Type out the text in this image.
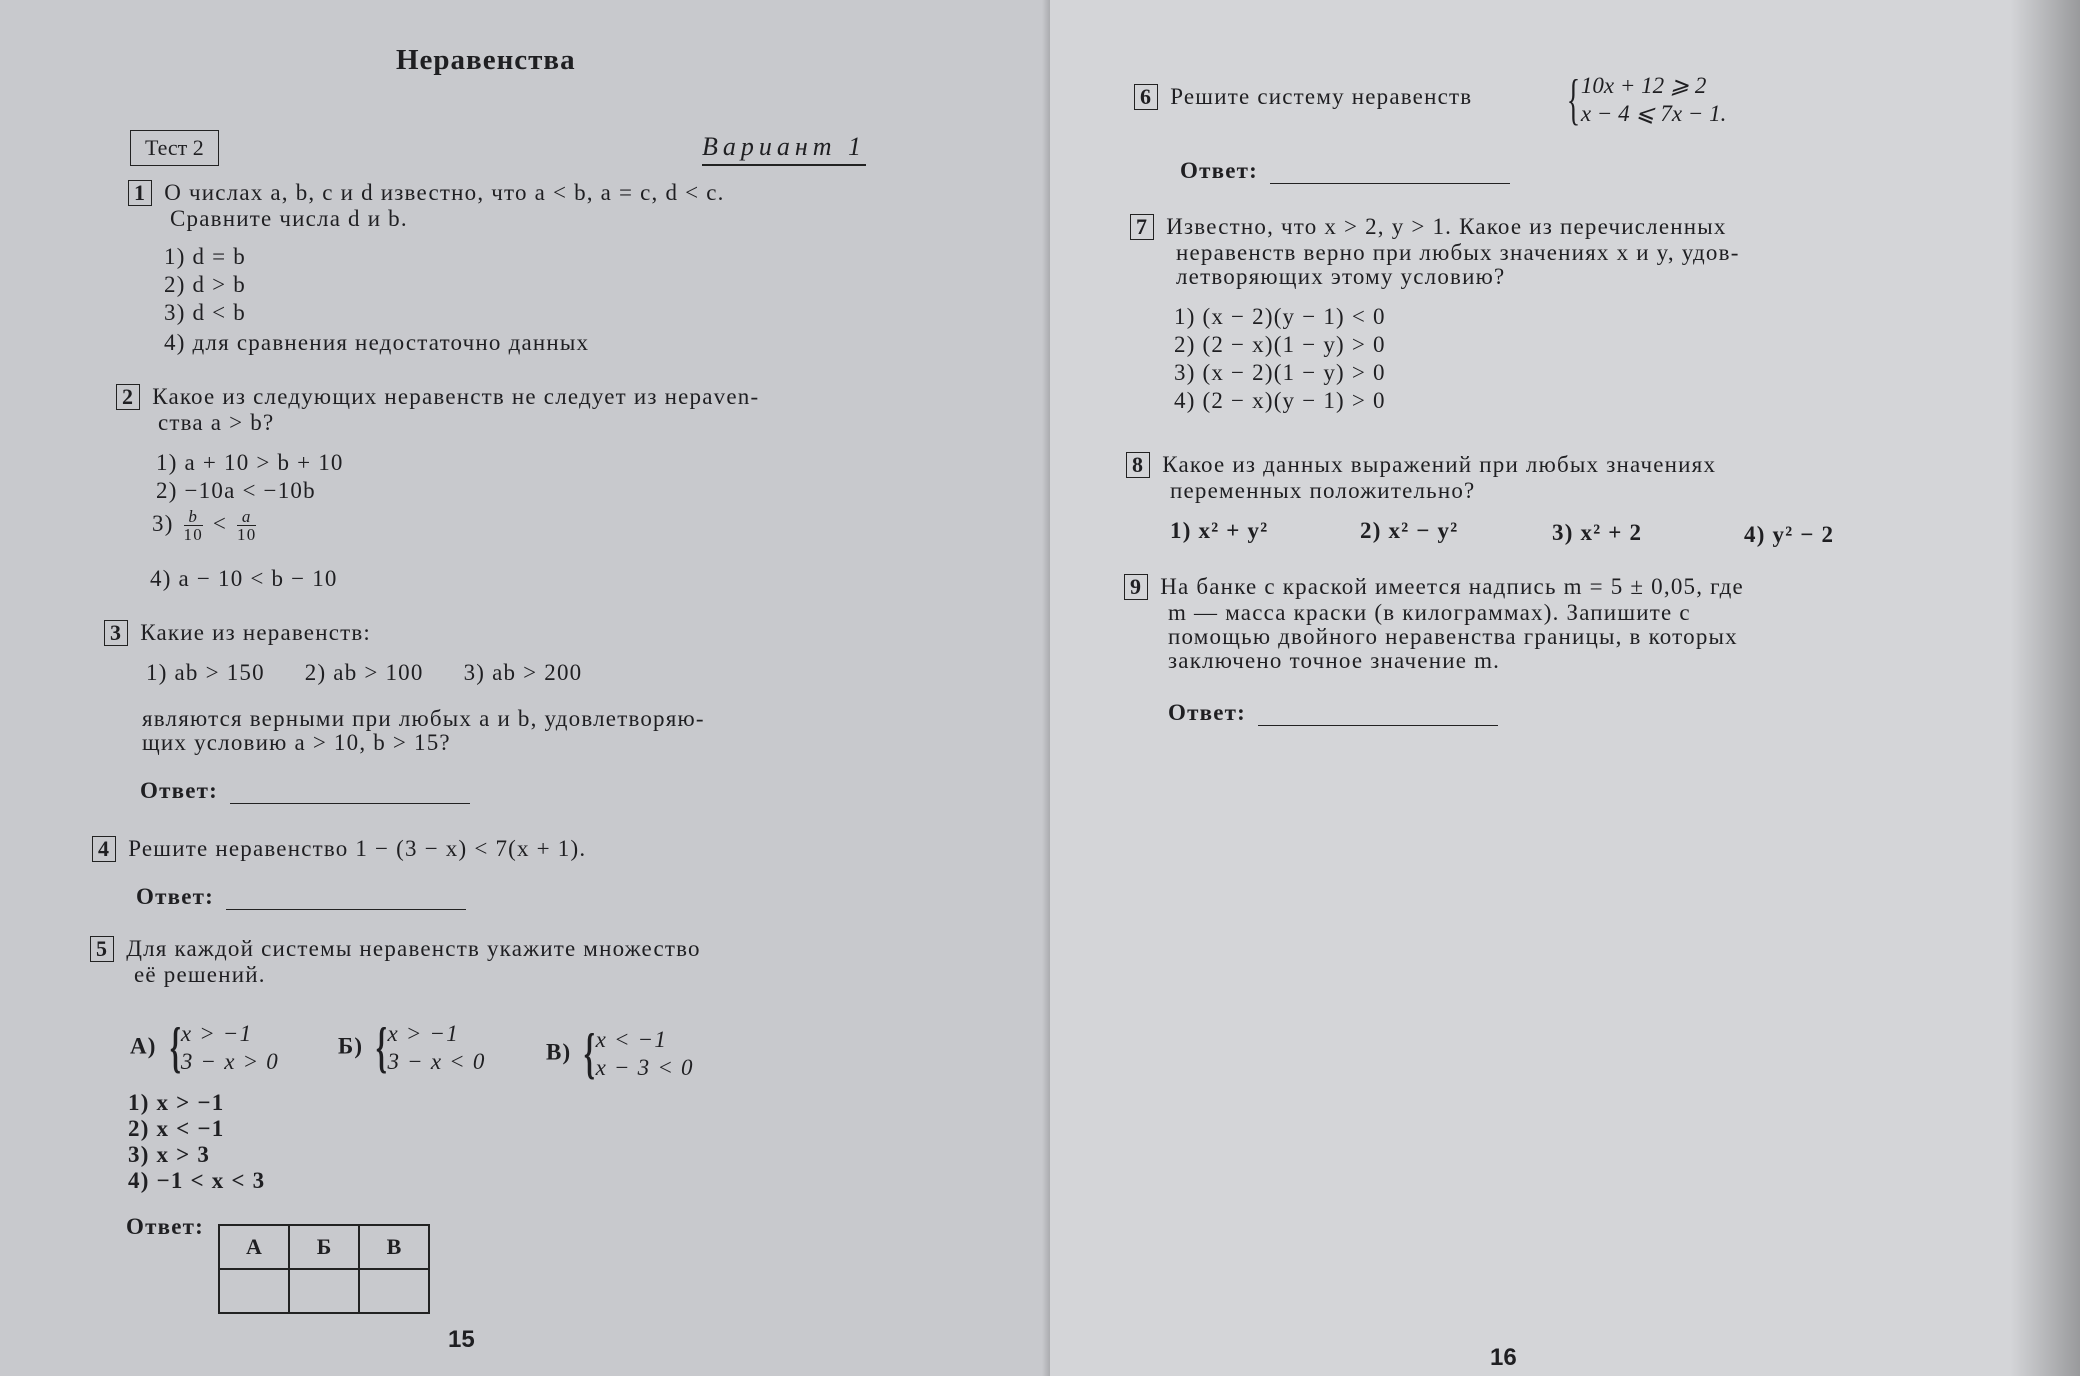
Неравенства
Тест 2	Вариант 1
1 О числах a, b, c и d известно, что a < b, a = c, d < c.
Сравните числа d и b.
1) d = b
2) d > b
3) d < b
4) для сравнения недостаточно данных
2 Какое из следующих неравенств не следует из нераven-
ства a > b?
1) a + 10 > b + 10
2) −10a < −10b
$3) \frac{b}{10} < \frac{a}{10}$
4) a − 10 < b − 10
3 Какие из неравенств:
1) ab > 150 2) ab > 100 3) ab > 200
являются верными при любых a и b, удовлетворяю-
щих условию a > 10, b > 15?
Ответ:
4 Решите неравенство 1 − (3 − x) < 7(x + 1).
Ответ:
5 Для каждой системы неравенств укажите множество
её решений.
А) { x > −1
3 − x > 0
Б) { x > −1
3 − x < 0	В) { x < −1
x − 3 < 0
1) x > −1
2) x < −1
3) x > 3
4) −1 < x < 3
Ответ:
А	Б	В

15
6 Решите систему неравенств { 10x + 12 ⩾ 2
x − 4 ⩽ 7x − 1.
Ответ:
7 Известно, что x > 2, y > 1. Какое из перечисленных
неравенств верно при любых значениях x и y, удов-
летворяющих этому условию?
1) (x − 2)(y − 1) < 0
2) (2 − x)(1 − y) > 0
3) (x − 2)(1 − y) > 0
4) (2 − x)(y − 1) > 0
8 Какое из данных выражений при любых значениях
переменных положительно?
1) x² + y²	2) x² − y²	3) x² + 2	4) y² − 2
9 На банке с краской имеется надпись m = 5 ± 0,05, где
m — масса краски (в килограммах). Запишите с
помощью двойного неравенства границы, в которых
заключено точное значение m.
Ответ:
16
